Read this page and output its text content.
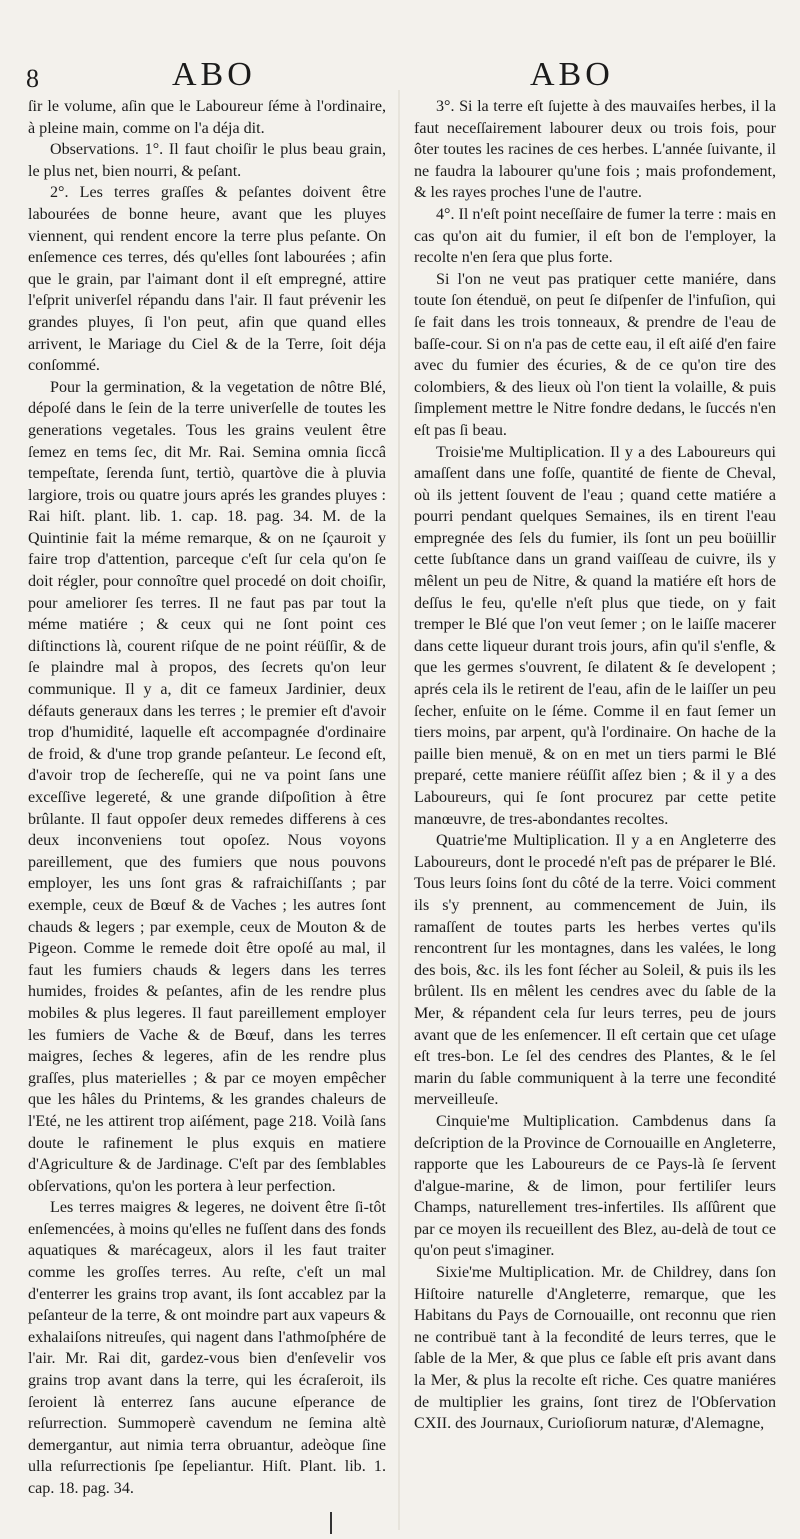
8	ABO	ABO

ſir le volume, aſin que le Laboureur ſéme à l'ordinaire, à pleine main, comme on l'a déja dit.

Observations. 1°. Il faut choiſir le plus beau grain, le plus net, bien nourri, & peſant.

2°. Les terres graſſes & peſantes doivent être labourées de bonne heure, avant que les pluyes viennent, qui rendent encore la terre plus peſante. On enſemence ces terres, dés qu'elles ſont labourées ; afin que le grain, par l'aimant dont il eſt empregné, attire l'eſprit univerſel répandu dans l'air. Il faut prévenir les grandes pluyes, ſi l'on peut, afin que quand elles arrivent, le Mariage du Ciel & de la Terre, ſoit déja conſommé.

Pour la germination, & la vegetation de nôtre Blé, dépoſé dans le ſein de la terre univerſelle de toutes les generations vegetales. Tous les grains veulent être ſemez en tems ſec, dit Mr. Rai. Semina omnia ſiccâ tempeſtate, ſerenda ſunt, tertiò, quartòve die à pluvia largiore, trois ou quatre jours aprés les grandes pluyes : Rai hiſt. plant. lib. 1. cap. 18. pag. 34. M. de la Quintinie fait la méme remarque, & on ne ſçauroit y faire trop d'attention, parceque c'eſt ſur cela qu'on ſe doit régler, pour connoître quel procedé on doit choiſir, pour ameliorer ſes terres. Il ne faut pas par tout la méme matiére ; & ceux qui ne ſont point ces diſtinctions là, courent riſque de ne point réüſſir, & de ſe plaindre mal à propos, des ſecrets qu'on leur communique. Il y a, dit ce fameux Jardinier, deux défauts generaux dans les terres ; le premier eſt d'avoir trop d'humidité, laquelle eſt accompagnée d'ordinaire de froid, & d'une trop grande peſanteur. Le ſecond eſt, d'avoir trop de ſechereſſe, qui ne va point ſans une exceſſive legereté, & une grande diſpoſition à être brûlante. Il faut oppoſer deux remedes differens à ces deux inconveniens tout opoſez. Nous voyons pareillement, que des fumiers que nous pouvons employer, les uns ſont gras & rafraichiſſants ; par exemple, ceux de Bœuf & de Vaches ; les autres ſont chauds & legers ; par exemple, ceux de Mouton & de Pigeon. Comme le remede doit être opoſé au mal, il faut les fumiers chauds & legers dans les terres humides, froides & peſantes, afin de les rendre plus mobiles & plus legeres. Il faut pareillement employer les fumiers de Vache & de Bœuf, dans les terres maigres, ſeches & legeres, afin de les rendre plus graſſes, plus materielles ; & par ce moyen empêcher que les hâles du Printems, & les grandes chaleurs de l'Eté, ne les attirent trop aiſément, page 218. Voilà ſans doute le rafinement le plus exquis en matiere d'Agriculture & de Jardinage. C'eſt par des ſemblables obſervations, qu'on les portera à leur perfection.

Les terres maigres & legeres, ne doivent être ſi-tôt enſemencées, à moins qu'elles ne fuſſent dans des fonds aquatiques & marécageux, alors il les faut traiter comme les groſſes terres. Au reſte, c'eſt un mal d'enterrer les grains trop avant, ils ſont accablez par la peſanteur de la terre, & ont moindre part aux vapeurs & exhalaiſons nitreuſes, qui nagent dans l'athmoſphére de l'air. Mr. Rai dit, gardez-vous bien d'enſevelir vos grains trop avant dans la terre, qui les écraſeroit, ils ſeroient là enterrez ſans aucune eſperance de reſurrection. Summoperè cavendum ne ſemina altè demergantur, aut nimia terra obruantur, adeòque ſine ulla reſurrectionis ſpe ſepeliantur. Hiſt. Plant. lib. 1. cap. 18. pag. 34.

3°. Si la terre eſt ſujette à des mauvaiſes herbes, il la faut neceſſairement labourer deux ou trois fois, pour ôter toutes les racines de ces herbes. L'année ſuivante, il ne faudra la labourer qu'une fois ; mais profondement, & les rayes proches l'une de l'autre.

4°. Il n'eſt point neceſſaire de fumer la terre : mais en cas qu'on ait du fumier, il eſt bon de l'employer, la recolte n'en ſera que plus forte.

Si l'on ne veut pas pratiquer cette maniére, dans toute ſon étenduë, on peut ſe diſpenſer de l'infuſion, qui ſe fait dans les trois tonneaux, & prendre de l'eau de baſſe-cour. Si on n'a pas de cette eau, il eſt aiſé d'en faire avec du fumier des écuries, & de ce qu'on tire des colombiers, & des lieux où l'on tient la volaille, & puis ſimplement mettre le Nitre fondre dedans, le ſuccés n'en eſt pas ſi beau.

Troisie'me Multiplication. Il y a des Laboureurs qui amaſſent dans une foſſe, quantité de fiente de Cheval, où ils jettent ſouvent de l'eau ; quand cette matiére a pourri pendant quelques Semaines, ils en tirent l'eau empregnée des ſels du fumier, ils ſont un peu boüillir cette ſubſtance dans un grand vaiſſeau de cuivre, ils y mêlent un peu de Nitre, & quand la matiére eſt hors de deſſus le feu, qu'elle n'eſt plus que tiede, on y fait tremper le Blé que l'on veut ſemer ; on le laiſſe macerer dans cette liqueur durant trois jours, afin qu'il s'enfle, & que les germes s'ouvrent, ſe dilatent & ſe developent ; aprés cela ils le retirent de l'eau, afin de le laiſſer un peu ſecher, enſuite on le ſéme. Comme il en faut ſemer un tiers moins, par arpent, qu'à l'ordinaire. On hache de la paille bien menuë, & on en met un tiers parmi le Blé preparé, cette maniere réüſſit aſſez bien ; & il y a des Laboureurs, qui ſe ſont procurez par cette petite manœuvre, de tres-abondantes recoltes.

Quatrie'me Multiplication. Il y a en Angleterre des Laboureurs, dont le procedé n'eſt pas de préparer le Blé. Tous leurs ſoins ſont du côté de la terre. Voici comment ils s'y prennent, au commencement de Juin, ils ramaſſent de toutes parts les herbes vertes qu'ils rencontrent ſur les montagnes, dans les valées, le long des bois, &c. ils les font ſécher au Soleil, & puis ils les brûlent. Ils en mêlent les cendres avec du ſable de la Mer, & répandent cela ſur leurs terres, peu de jours avant que de les enſemencer. Il eſt certain que cet uſage eſt tres-bon. Le ſel des cendres des Plantes, & le ſel marin du ſable communiquent à la terre une fecondité merveilleuſe.

Cinquie'me Multiplication. Cambdenus dans ſa deſcription de la Province de Cornouaille en Angleterre, rapporte que les Laboureurs de ce Pays-là ſe ſervent d'algue-marine, & de limon, pour fertiliſer leurs Champs, naturellement tres-infertiles. Ils aſſûrent que par ce moyen ils recueillent des Blez, au-delà de tout ce qu'on peut s'imaginer.

Sixie'me Multiplication. Mr. de Childrey, dans ſon Hiſtoire naturelle d'Angleterre, remarque, que les Habitans du Pays de Cornouaille, ont reconnu que rien ne contribuë tant à la fecondité de leurs terres, que le ſable de la Mer, & que plus ce ſable eſt pris avant dans la Mer, & plus la recolte eſt riche. Ces quatre maniéres de multiplier les grains, ſont tirez de l'Obſervation CXII. des Journaux, Curioſiorum naturæ, d'Alemagne,
